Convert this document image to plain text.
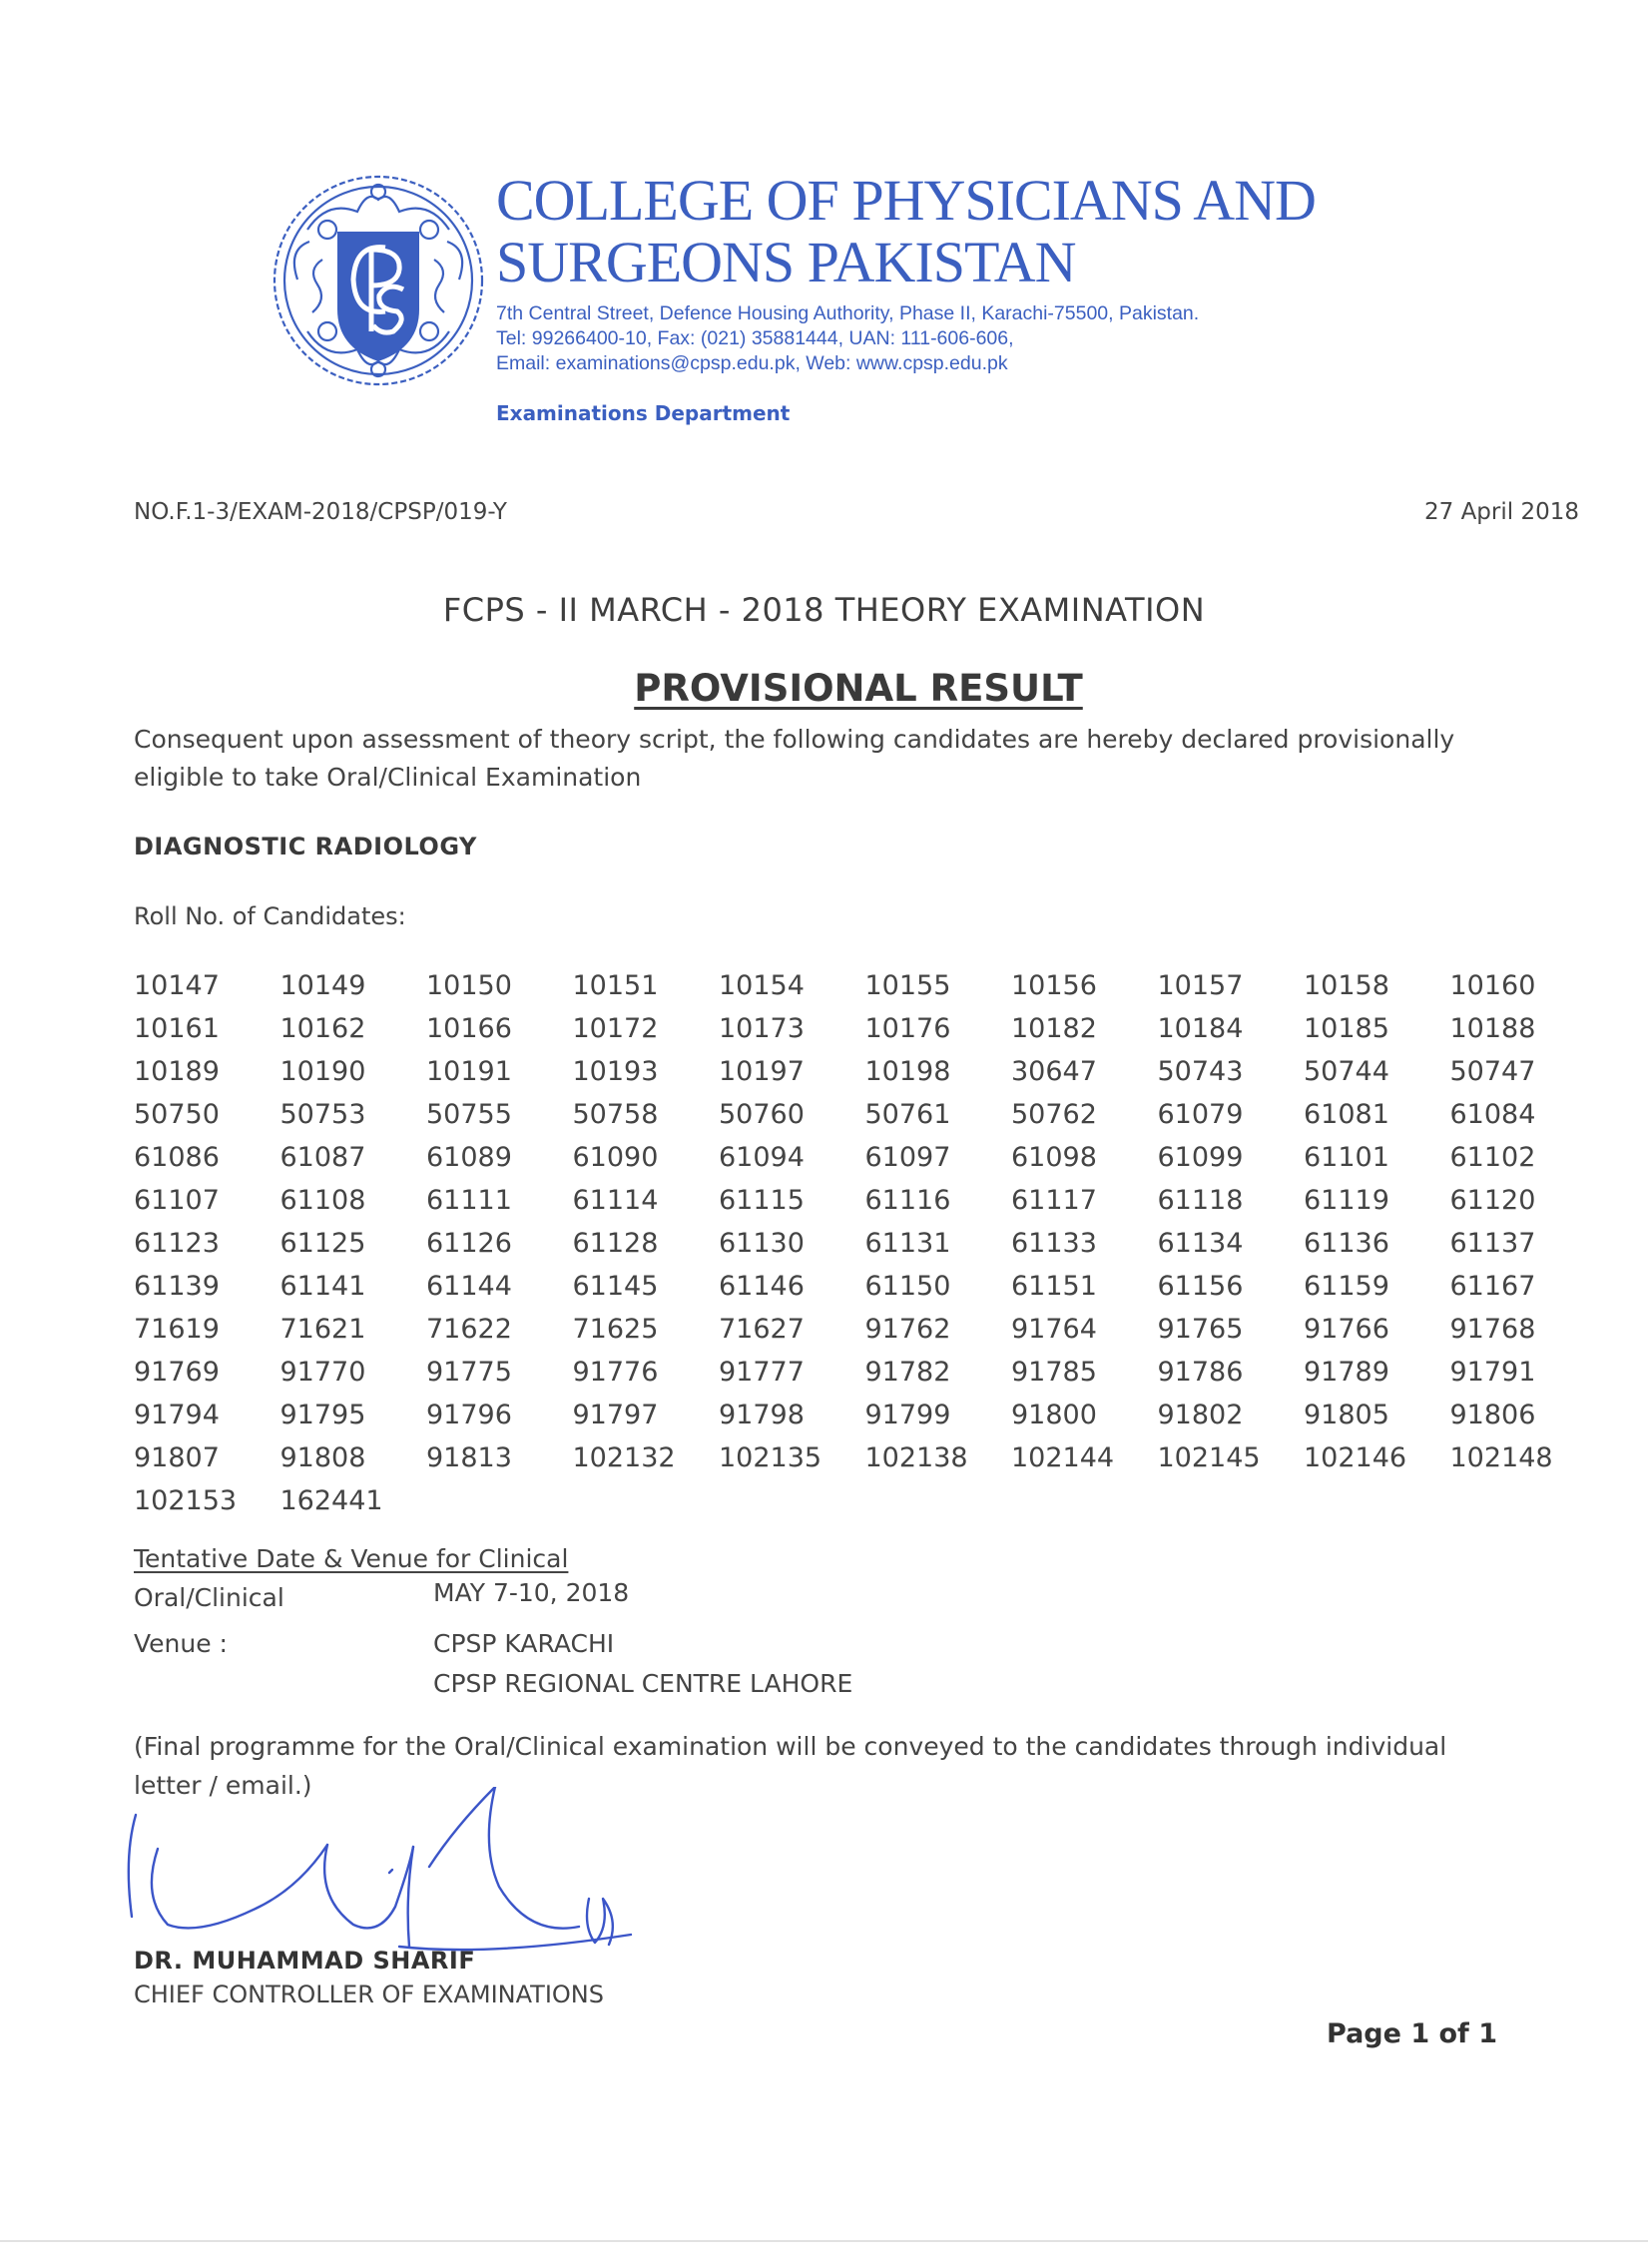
COLLEGE OF PHYSICIANS AND
SURGEONS PAKISTAN
7th Central Street, Defence Housing Authority, Phase II, Karachi-75500, Pakistan.
Tel: 99266400-10, Fax: (021) 35881444, UAN: 111-606-606,
Email: examinations@cpsp.edu.pk, Web: www.cpsp.edu.pk
Examinations Department
NO.F.1-3/EXAM-2018/CPSP/019-Y	27 April 2018
FCPS - II MARCH - 2018 THEORY EXAMINATION
PROVISIONAL RESULT
Consequent upon assessment of theory script, the following candidates are hereby declared provisionally
eligible to take Oral/Clinical Examination
DIAGNOSTIC RADIOLOGY
Roll No. of Candidates:
10147	10149	10150	10151	10154	10155	10156	10157	10158	10160
10161	10162	10166	10172	10173	10176	10182	10184	10185	10188
10189	10190	10191	10193	10197	10198	30647	50743	50744	50747
50750	50753	50755	50758	50760	50761	50762	61079	61081	61084
61086	61087	61089	61090	61094	61097	61098	61099	61101	61102
61107	61108	61111	61114	61115	61116	61117	61118	61119	61120
61123	61125	61126	61128	61130	61131	61133	61134	61136	61137
61139	61141	61144	61145	61146	61150	61151	61156	61159	61167
71619	71621	71622	71625	71627	91762	91764	91765	91766	91768
91769	91770	91775	91776	91777	91782	91785	91786	91789	91791
91794	91795	91796	91797	91798	91799	91800	91802	91805	91806
91807	91808	91813	102132	102135	102138	102144	102145	102146	102148
102153	162441
Tentative Date & Venue for Clinical
Oral/Clinical	MAY 7-10, 2018
Venue :	CPSP KARACHI
CPSP REGIONAL CENTRE LAHORE
(Final programme for the Oral/Clinical examination will be conveyed to the candidates through individual
letter / email.)
DR. MUHAMMAD SHARIF
CHIEF CONTROLLER OF EXAMINATIONS
Page 1 of 1
